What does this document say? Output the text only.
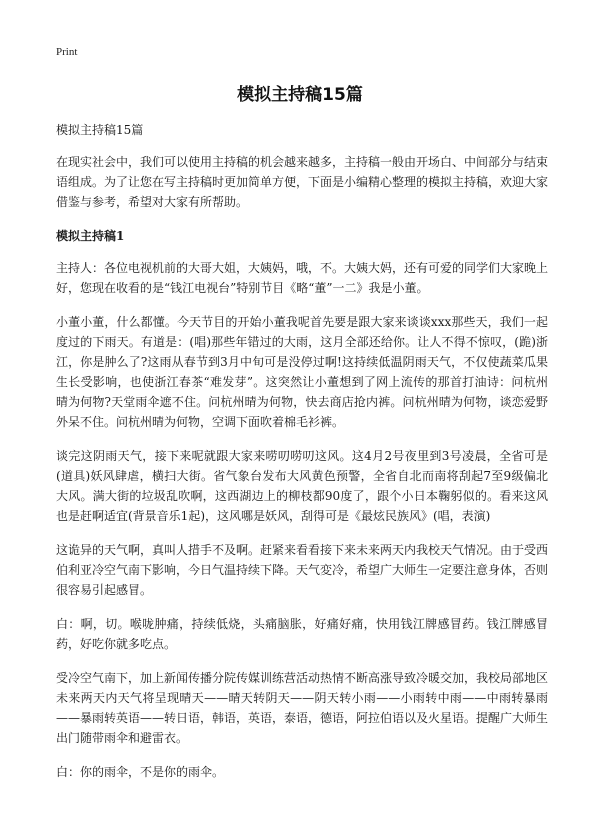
Print
模拟主持稿15篇

模拟主持稿15篇

在现实社会中，我们可以使用主持稿的机会越来越多，主持稿一般由开场白、中间部分与结束语组成。为了让您在写主持稿时更加简单方便，下面是小编精心整理的模拟主持稿，欢迎大家借鉴与参考，希望对大家有所帮助。

模拟主持稿1

主持人：各位电视机前的大哥大姐，大姨妈，哦，不。大姨大妈，还有可爱的同学们大家晚上好，您现在收看的是“钱江电视台”特别节目《略“董”一二》我是小董。

小董小董，什么都懂。今天节目的开始小董我呢首先要是跟大家来谈谈xxx那些天，我们一起度过的下雨天。有道是：(唱)那些年错过的大雨，这月全部还给你。让人不得不惊叹，(跪)浙江，你是肿么了?这雨从春节到3月中旬可是没停过啊!这持续低温阴雨天气，不仅使蔬菜瓜果生长受影响，也使浙江春茶“难发芽”。这突然让小董想到了网上流传的那首打油诗：问杭州晴为何物?天堂雨伞遮不住。问杭州晴为何物，快去商店抢内裤。问杭州晴为何物，谈恋爱野外呆不住。问杭州晴为何物，空调下面吹着棉毛衫裤。

谈完这阴雨天气，接下来呢就跟大家来唠叨唠叨这风。这4月2号夜里到3号凌晨，全省可是(道具)妖风肆虐，横扫大街。省气象台发布大风黄色预警，全省自北而南将刮起7至9级偏北大风。满大街的垃圾乱吹啊，这西湖边上的柳枝都90度了，跟个小日本鞠躬似的。看来这风也是赶啊适宜(背景音乐1起)，这风哪是妖风，刮得可是《最炫民族风》(唱，表演)

这诡异的天气啊，真叫人措手不及啊。赶紧来看看接下来未来两天内我校天气情况。由于受西伯利亚冷空气南下影响，今日气温持续下降。天气変冷，希望广大师生一定要注意身体，否则很容易引起感冒。

白：啊，切。喉咙肿痛，持续低烧，头痛脑胀，好痛好痛，快用钱江牌感冒药。钱江牌感冒药，好吃你就多吃点。

受冷空气南下，加上新闻传播分院传媒训练营活动热情不断高涨导致冷暖交加，我校局部地区未来两天内天气将呈现晴天——晴天转阴天——阴天转小雨——小雨转中雨——中雨转暴雨——暴雨转英语——转日语，韩语，英语，泰语，德语，阿拉伯语以及火星语。提醒广大师生出门随带雨伞和避雷衣。

白：你的雨伞，不是你的雨伞。
